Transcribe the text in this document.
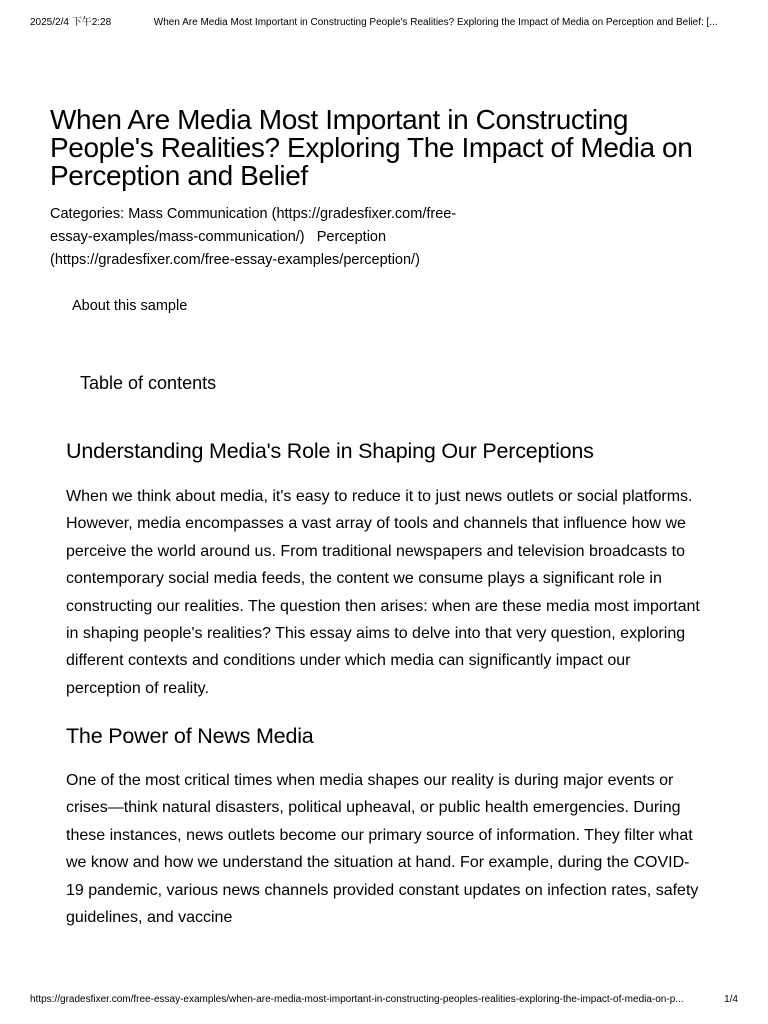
2025/2/4 下午2:28	When Are Media Most Important in Constructing People's Realities? Exploring the Impact of Media on Perception and Belief: [...
When Are Media Most Important in Constructing People's Realities? Exploring The Impact of Media on Perception and Belief
Categories: Mass Communication (https://gradesfixer.com/free-essay-examples/mass-communication/) Perception (https://gradesfixer.com/free-essay-examples/perception/)
About this sample
Table of contents
Understanding Media's Role in Shaping Our Perceptions

When we think about media, it's easy to reduce it to just news outlets or social platforms. However, media encompasses a vast array of tools and channels that influence how we perceive the world around us. From traditional newspapers and television broadcasts to contemporary social media feeds, the content we consume plays a significant role in constructing our realities. The question then arises: when are these media most important in shaping people's realities? This essay aims to delve into that very question, exploring different contexts and conditions under which media can significantly impact our perception of reality.

The Power of News Media

One of the most critical times when media shapes our reality is during major events or crises—think natural disasters, political upheaval, or public health emergencies. During these instances, news outlets become our primary source of information. They filter what we know and how we understand the situation at hand. For example, during the COVID-19 pandemic, various news channels provided constant updates on infection rates, safety guidelines, and vaccine

https://gradesfixer.com/free-essay-examples/when-are-media-most-important-in-constructing-peoples-realities-exploring-the-impact-of-media-on-p...	1/4
